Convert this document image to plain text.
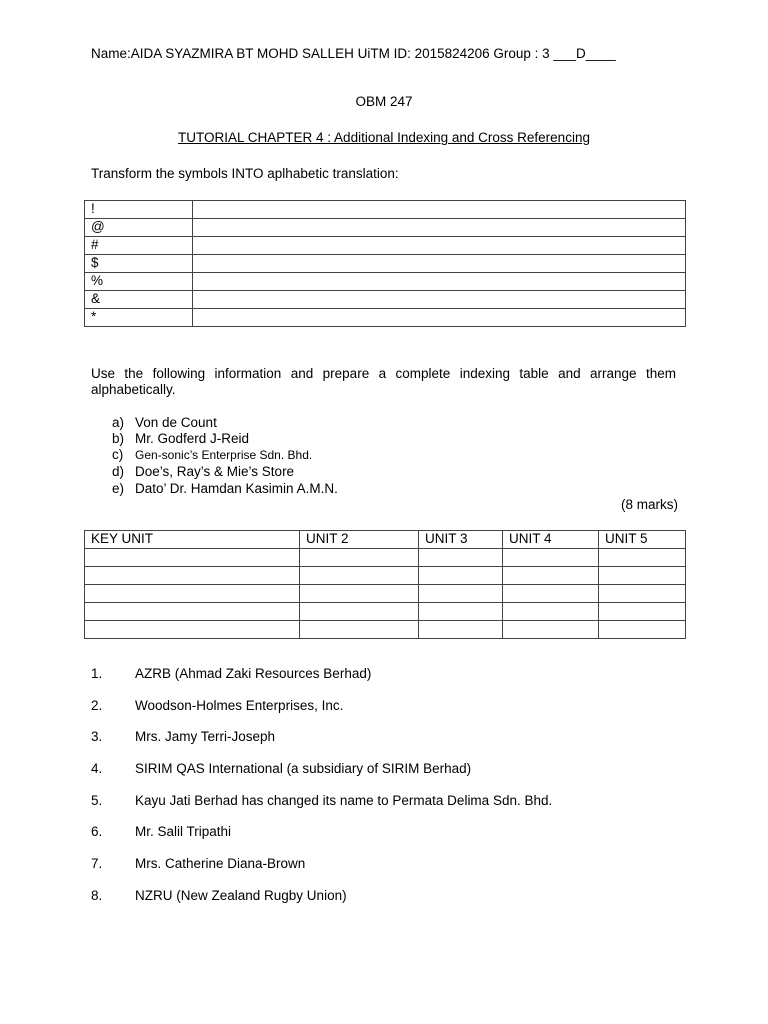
Name:AIDA SYAZMIRA BT MOHD SALLEH UiTM ID: 2015824206 Group : 3 ___D____
OBM 247
TUTORIAL CHAPTER 4 : Additional Indexing and Cross Referencing
Transform the symbols INTO aplhabetic translation:
!	
@	
#	
$	
%	
&	
*	
Use the following information and prepare a complete indexing table and arrange them alphabetically.
a) Von de Count
b) Mr. Godferd J-Reid
c) Gen-sonic’s Enterprise Sdn. Bhd.
d) Doe’s, Ray’s & Mie’s Store
e) Dato’ Dr. Hamdan Kasimin A.M.N.
(8 marks)
KEY UNIT	UNIT 2	UNIT 3	UNIT 4	UNIT 5

1. AZRB (Ahmad Zaki Resources Berhad)
2. Woodson-Holmes Enterprises, Inc.
3. Mrs. Jamy Terri-Joseph
4. SIRIM QAS International (a subsidiary of SIRIM Berhad)
5. Kayu Jati Berhad has changed its name to Permata Delima Sdn. Bhd.
6. Mr. Salil Tripathi
7. Mrs. Catherine Diana-Brown
8. NZRU (New Zealand Rugby Union)
